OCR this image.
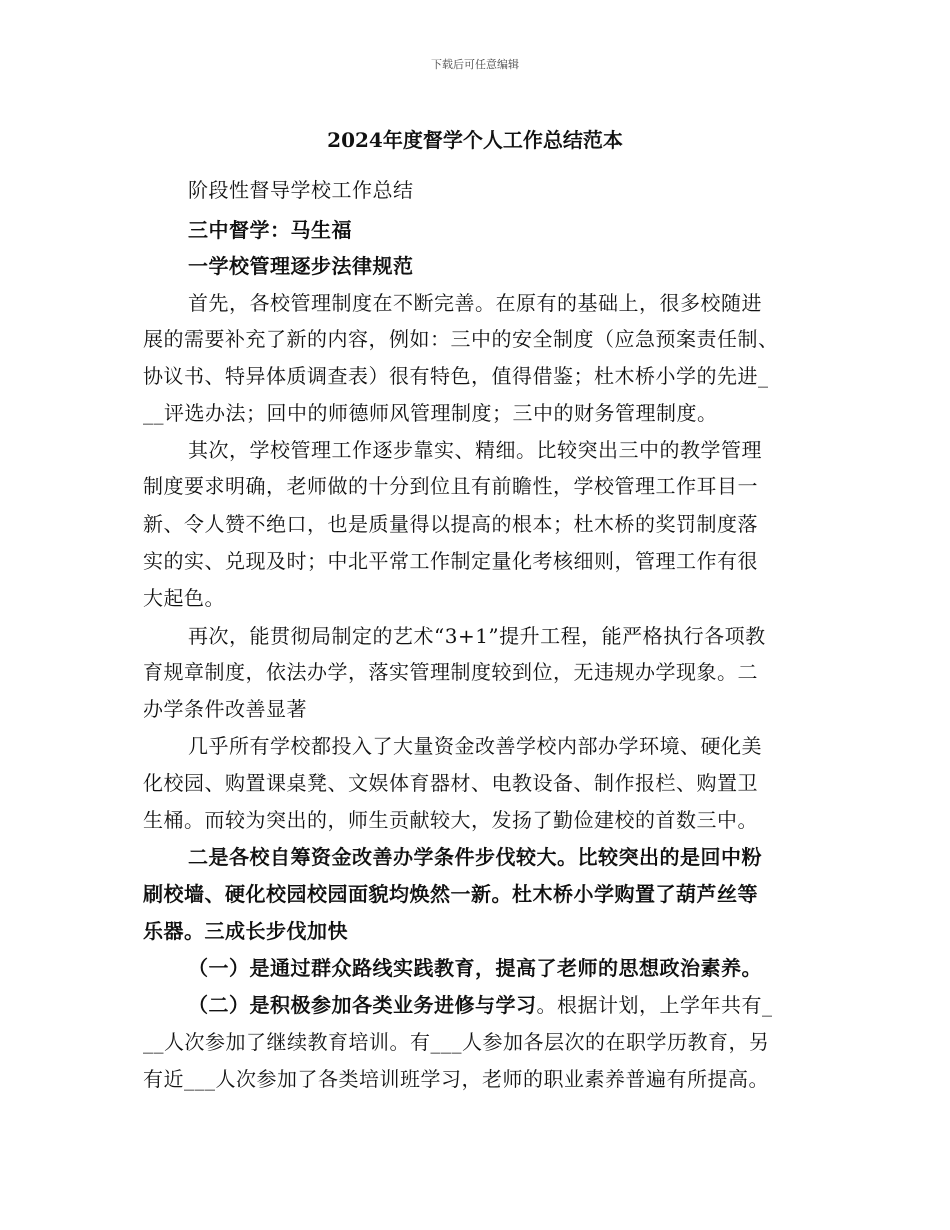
下载后可任意编辑
2024年度督学个人工作总结范本
阶段性督导学校工作总结
三中督学：马生福
一学校管理逐步法律规范
首先，各校管理制度在不断完善。在原有的基础上，很多校随进
展的需要补充了新的内容，例如：三中的安全制度（应急预案责任制、
协议书、特异体质调查表）很有特色，值得借鉴；杜木桥小学的先进_
__评选办法；回中的师德师风管理制度；三中的财务管理制度。
其次，学校管理工作逐步靠实、精细。比较突出三中的教学管理
制度要求明确，老师做的十分到位且有前瞻性，学校管理工作耳目一
新、令人赞不绝口，也是质量得以提高的根本；杜木桥的奖罚制度落
实的实、兑现及时；中北平常工作制定量化考核细则，管理工作有很
大起色。
再次，能贯彻局制定的艺术“3+1”提升工程，能严格执行各项教
育规章制度，依法办学，落实管理制度较到位，无违规办学现象。二
办学条件改善显著
几乎所有学校都投入了大量资金改善学校内部办学环境、硬化美
化校园、购置课桌凳、文娱体育器材、电教设备、制作报栏、购置卫
生桶。而较为突出的，师生贡献较大，发扬了勤俭建校的首数三中。
二是各校自筹资金改善办学条件步伐较大。比较突出的是回中粉
刷校墙、硬化校园校园面貌均焕然一新。杜木桥小学购置了葫芦丝等
乐器。三成长步伐加快
（一）是通过群众路线实践教育，提高了老师的思想政治素养。
（二）是积极参加各类业务进修与学习。根据计划，上学年共有_
__人次参加了继续教育培训。有___人参加各层次的在职学历教育，另
有近___人次参加了各类培训班学习，老师的职业素养普遍有所提高。
